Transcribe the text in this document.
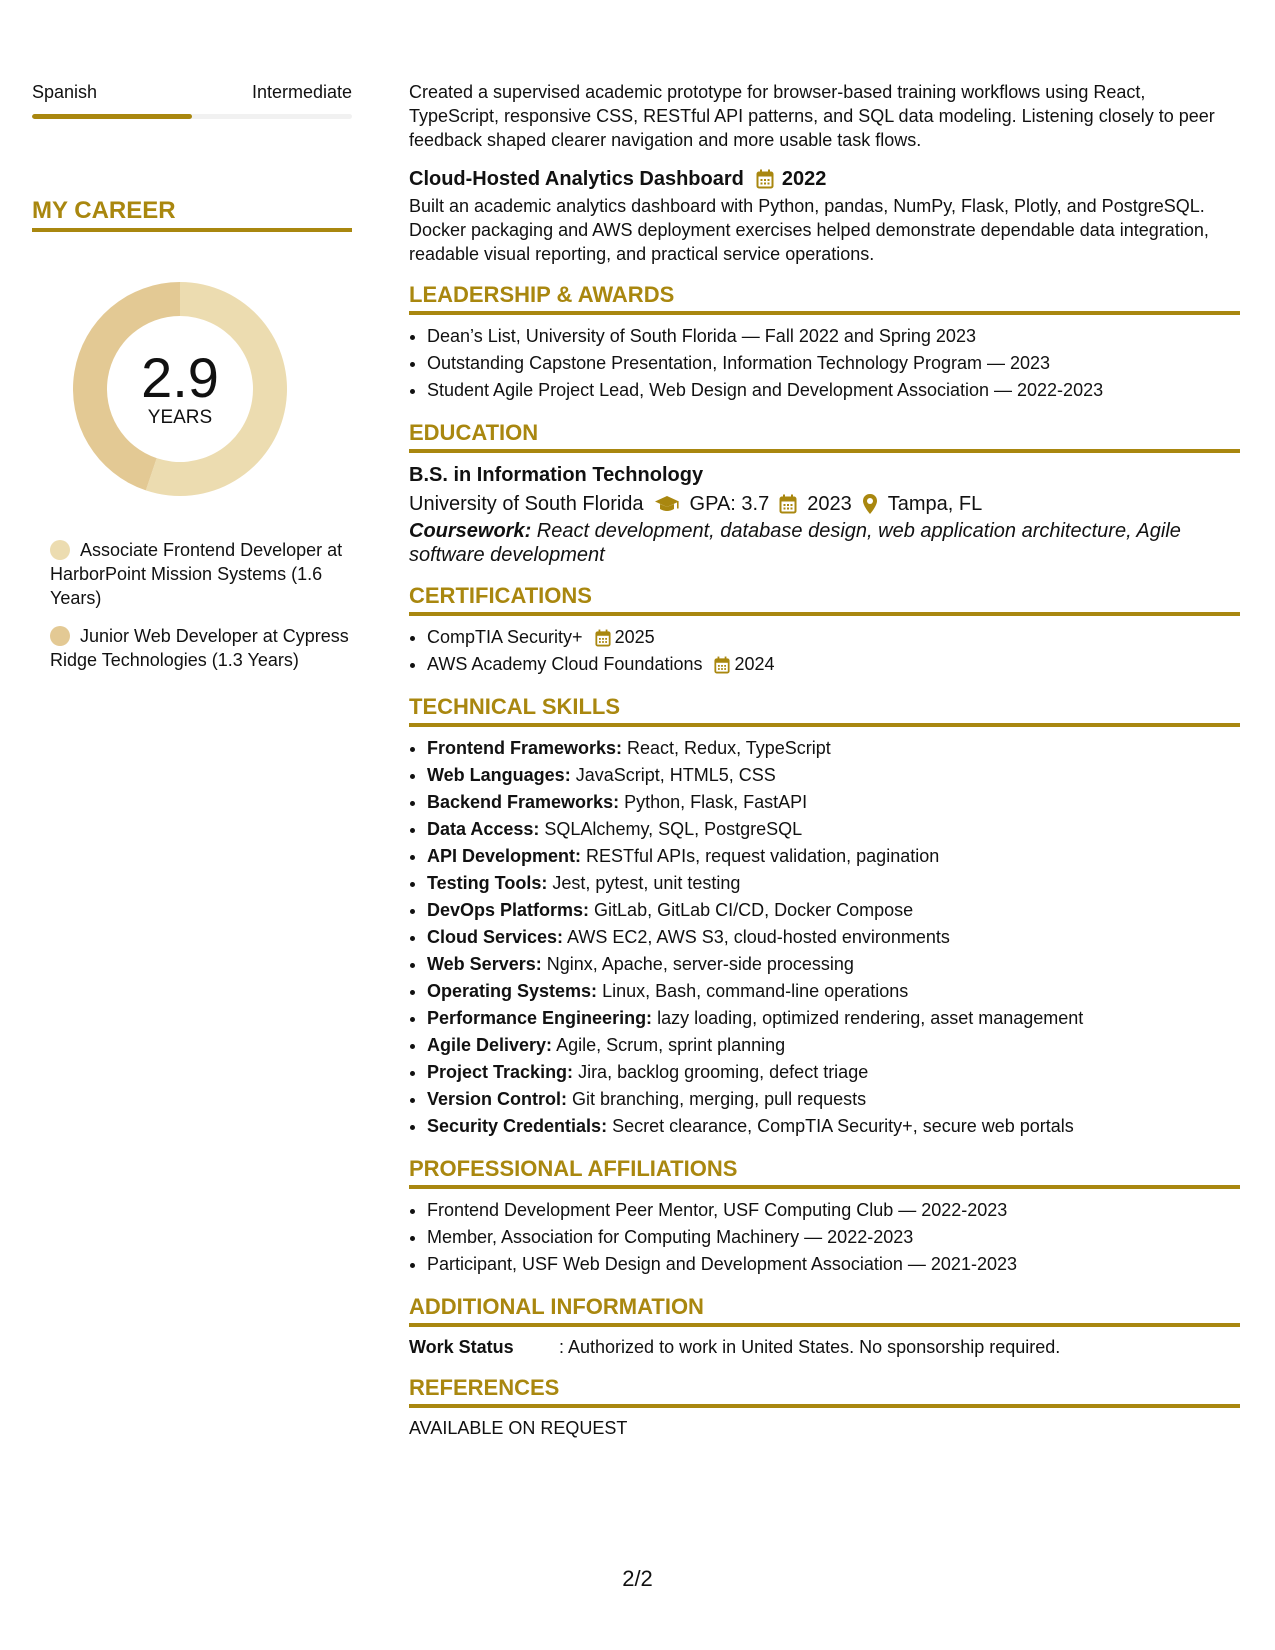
Spanish	Intermediate
MY CAREER
2.9
YEARS
Associate Frontend Developer at HarborPoint Mission Systems (1.6 Years)
Junior Web Developer at Cypress Ridge Technologies (1.3 Years)

Created a supervised academic prototype for browser-based training workflows using React, TypeScript, responsive CSS, RESTful API patterns, and SQL data modeling. Listening closely to peer feedback shaped clearer navigation and more usable task flows.

Cloud-Hosted Analytics Dashboard 2022

Built an academic analytics dashboard with Python, pandas, NumPy, Flask, Plotly, and PostgreSQL. Docker packaging and AWS deployment exercises helped demonstrate dependable data integration, readable visual reporting, and practical service operations.

LEADERSHIP & AWARDS
• Dean’s List, University of South Florida — Fall 2022 and Spring 2023
• Outstanding Capstone Presentation, Information Technology Program — 2023
• Student Agile Project Lead, Web Design and Development Association — 2022-2023
EDUCATION
B.S. in Information Technology
University of South Florida GPA: 3.7 2023 Tampa, FL
Coursework: React development, database design, web application architecture, Agile software development
CERTIFICATIONS
• CompTIA Security+ 2025
• AWS Academy Cloud Foundations 2024
TECHNICAL SKILLS
• Frontend Frameworks: React, Redux, TypeScript
• Web Languages: JavaScript, HTML5, CSS
• Backend Frameworks: Python, Flask, FastAPI
• Data Access: SQLAlchemy, SQL, PostgreSQL
• API Development: RESTful APIs, request validation, pagination
• Testing Tools: Jest, pytest, unit testing
• DevOps Platforms: GitLab, GitLab CI/CD, Docker Compose
• Cloud Services: AWS EC2, AWS S3, cloud-hosted environments
• Web Servers: Nginx, Apache, server-side processing
• Operating Systems: Linux, Bash, command-line operations
• Performance Engineering: lazy loading, optimized rendering, asset management
• Agile Delivery: Agile, Scrum, sprint planning
• Project Tracking: Jira, backlog grooming, defect triage
• Version Control: Git branching, merging, pull requests
• Security Credentials: Secret clearance, CompTIA Security+, secure web portals
PROFESSIONAL AFFILIATIONS
• Frontend Development Peer Mentor, USF Computing Club — 2022-2023
• Member, Association for Computing Machinery — 2022-2023
• Participant, USF Web Design and Development Association — 2021-2023
ADDITIONAL INFORMATION
Work Status	: Authorized to work in United States. No sponsorship required.
REFERENCES
AVAILABLE ON REQUEST
2/2
